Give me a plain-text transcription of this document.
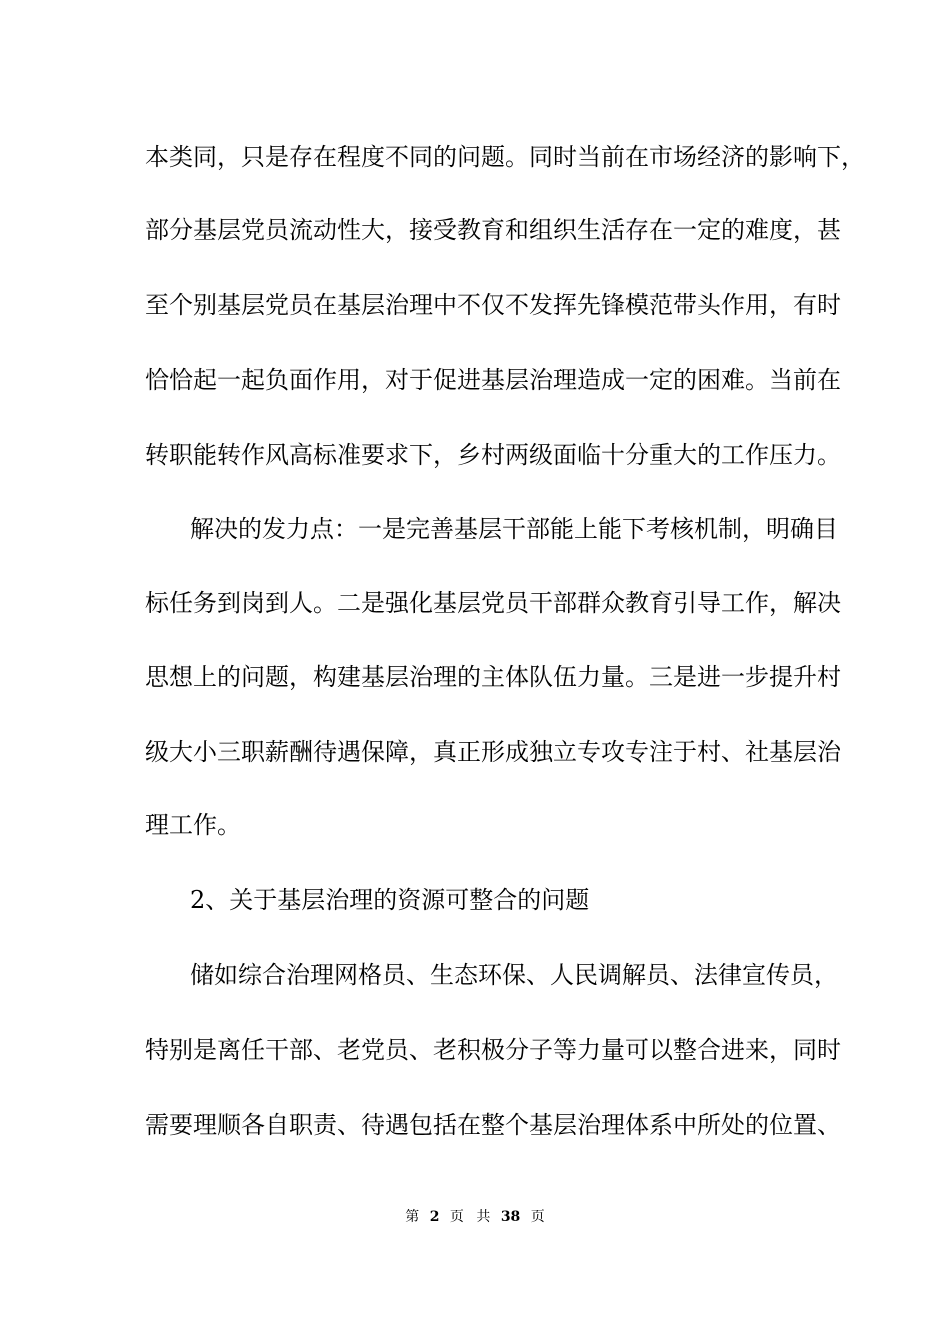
本类同，只是存在程度不同的问题。同时当前在市场经济的影响下，
部分基层党员流动性大，接受教育和组织生活存在一定的难度，甚
至个别基层党员在基层治理中不仅不发挥先锋模范带头作用，有时
恰恰起一起负面作用，对于促进基层治理造成一定的困难。当前在
转职能转作风高标准要求下，乡村两级面临十分重大的工作压力。
解决的发力点：一是完善基层干部能上能下考核机制，明确目
标任务到岗到人。二是强化基层党员干部群众教育引导工作，解决
思想上的问题，构建基层治理的主体队伍力量。三是进一步提升村
级大小三职薪酬待遇保障，真正形成独立专攻专注于村、社基层治
理工作。
2、关于基层治理的资源可整合的问题
储如综合治理网格员、生态环保、人民调解员、法律宣传员，
特别是离任干部、老党员、老积极分子等力量可以整合进来，同时
需要理顺各自职责、待遇包括在整个基层治理体系中所处的位置、
第 2 页 共 38 页
